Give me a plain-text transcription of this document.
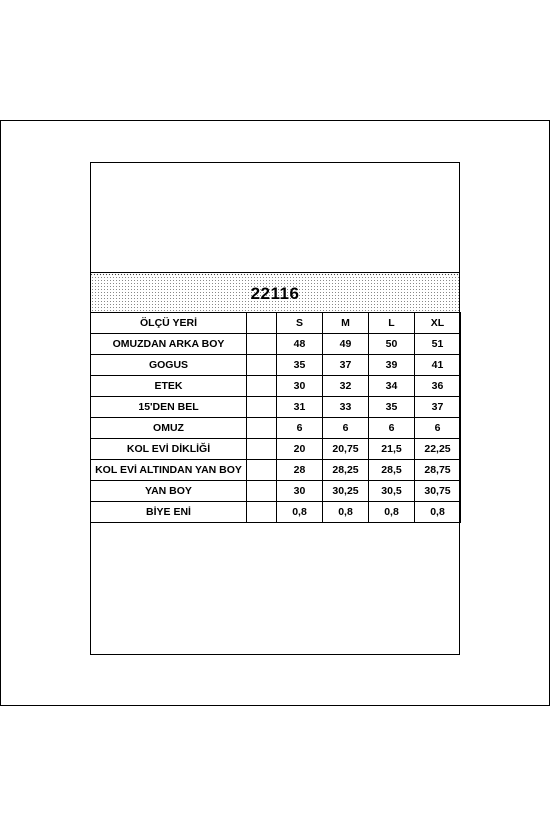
22116
ÖLÇÜ YERİ		S	M	L	XL
OMUZDAN ARKA BOY		48	49	50	51
GOGUS		35	37	39	41
ETEK		30	32	34	36
15'DEN BEL		31	33	35	37
OMUZ		6	6	6	6
KOL EVİ DİKLİĞİ		20	20,75	21,5	22,25
KOL EVİ ALTINDAN YAN BOY		28	28,25	28,5	28,75
YAN BOY		30	30,25	30,5	30,75
BİYE ENİ		0,8	0,8	0,8	0,8
